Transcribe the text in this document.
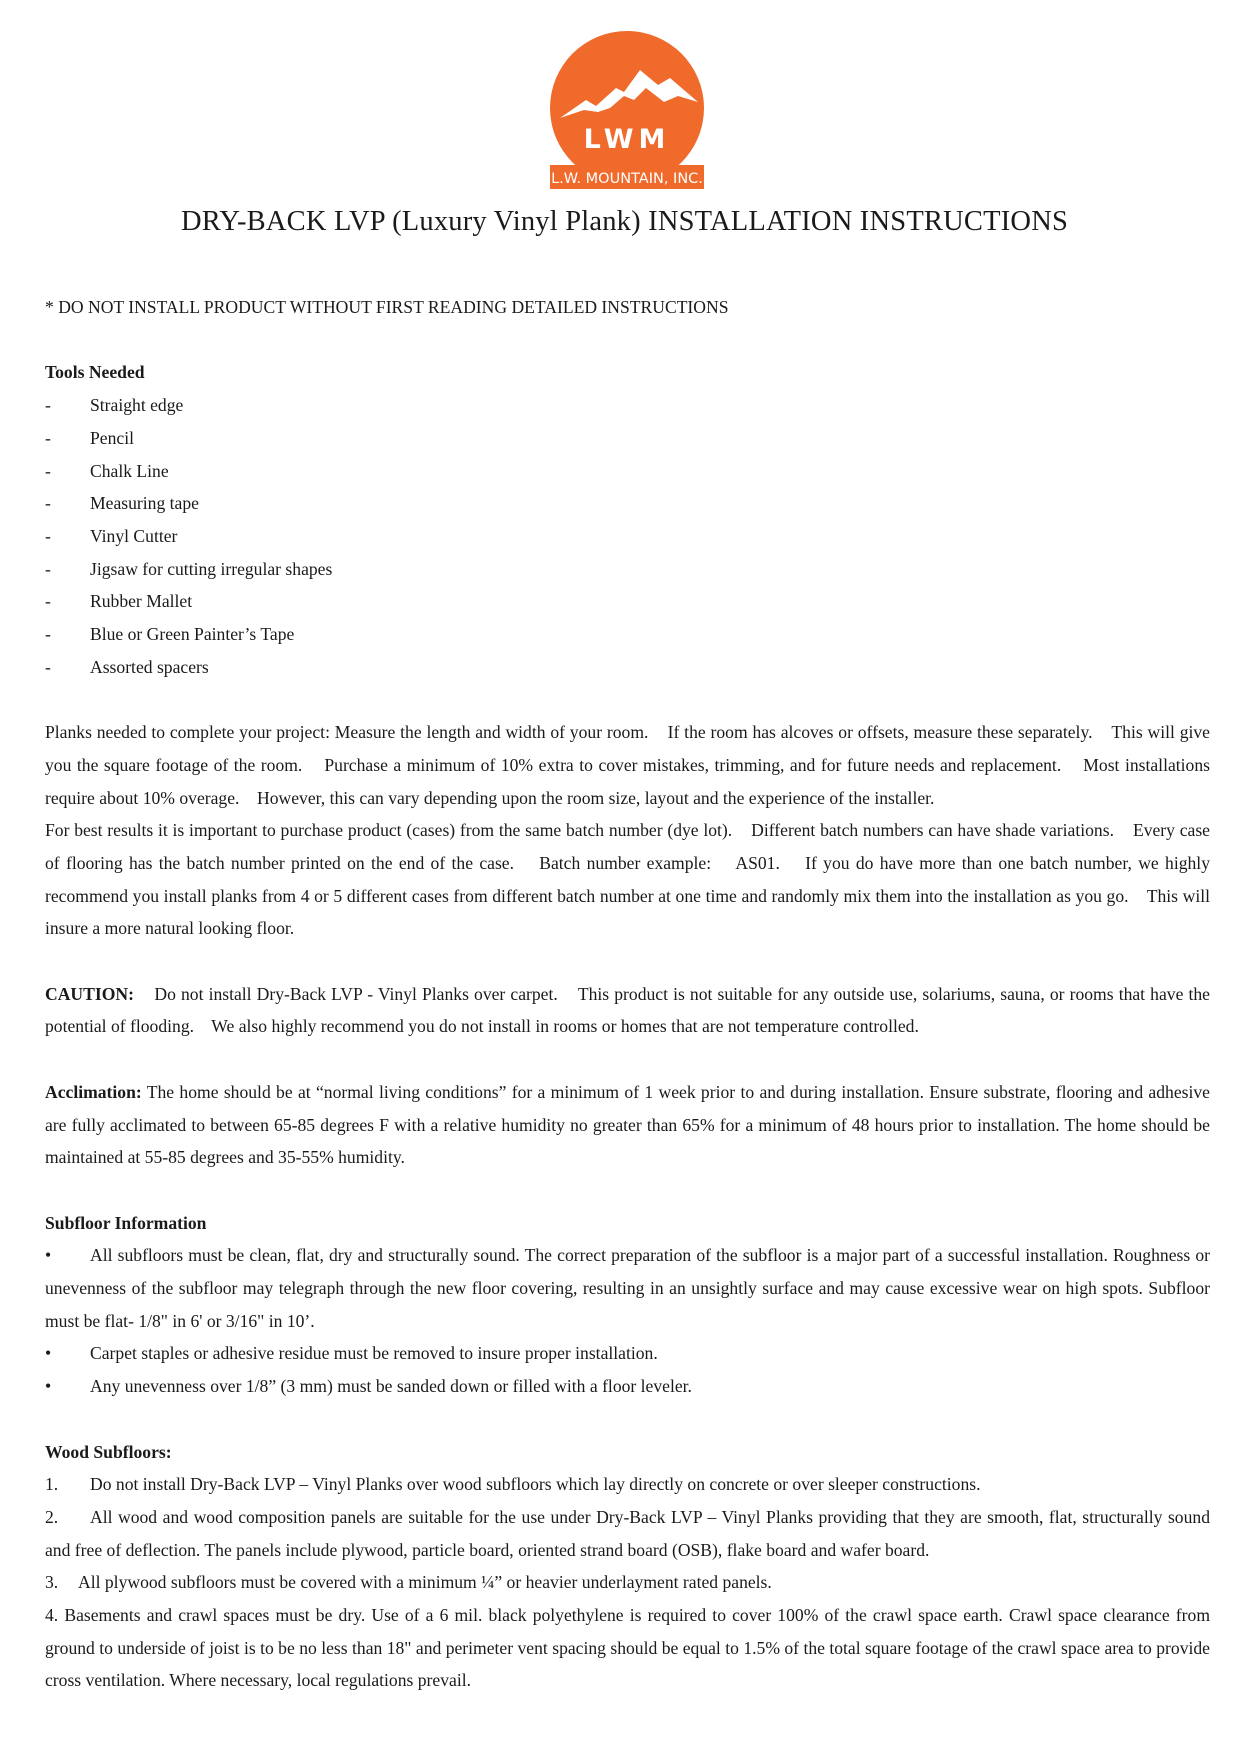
LWM
L.W. MOUNTAIN, INC.
DRY-BACK LVP (Luxury Vinyl Plank) INSTALLATION INSTRUCTIONS

* DO NOT INSTALL PRODUCT WITHOUT FIRST READING DETAILED INSTRUCTIONS

Tools Needed

- Straight edge
- Pencil
- Chalk Line
- Measuring tape
- Vinyl Cutter
- Jigsaw for cutting irregular shapes
- Rubber Mallet
- Blue or Green Painter’s Tape
- Assorted spacers

Planks needed to complete your project: Measure the length and width of your room.    If the room has alcoves or offsets, measure these separately.    This will give you the square footage of the room.    Purchase a minimum of 10% extra to cover mistakes, trimming, and for future needs and replacement.    Most installations require about 10% overage.    However, this can vary depending upon the room size, layout and the experience of the installer.

For best results it is important to purchase product (cases) from the same batch number (dye lot).    Different batch numbers can have shade variations.    Every case of flooring has the batch number printed on the end of the case.    Batch number example:    AS01.    If you do have more than one batch number, we highly recommend you install planks from 4 or 5 different cases from different batch number at one time and randomly mix them into the installation as you go.    This will insure a more natural looking floor.

CAUTION: Do not install Dry-Back LVP - Vinyl Planks over carpet.    This product is not suitable for any outside use, solariums, sauna, or rooms that have the potential of flooding.    We also highly recommend you do not install in rooms or homes that are not temperature controlled.

Acclimation: The home should be at “normal living conditions” for a minimum of 1 week prior to and during installation. Ensure substrate, flooring and adhesive are fully acclimated to between 65-85 degrees F with a relative humidity no greater than 65% for a minimum of 48 hours prior to installation. The home should be maintained at 55-85 degrees and 35-55% humidity.

Subfloor Information

• All subfloors must be clean, flat, dry and structurally sound. The correct preparation of the subfloor is a major part of a successful installation. Roughness or unevenness of the subfloor may telegraph through the new floor covering, resulting in an unsightly surface and may cause excessive wear on high spots. Subfloor must be flat- 1/8" in 6' or 3/16" in 10’.
• Carpet staples or adhesive residue must be removed to insure proper installation.
• Any unevenness over 1/8” (3 mm) must be sanded down or filled with a floor leveler.

Wood Subfloors:

1. Do not install Dry-Back LVP – Vinyl Planks over wood subfloors which lay directly on concrete or over sleeper constructions.
2. All wood and wood composition panels are suitable for the use under Dry-Back LVP – Vinyl Planks providing that they are smooth, flat, structurally sound and free of deflection. The panels include plywood, particle board, oriented strand board (OSB), flake board and wafer board.
3. All plywood subfloors must be covered with a minimum ¼” or heavier underlayment rated panels.
4. Basements and crawl spaces must be dry. Use of a 6 mil. black polyethylene is required to cover 100% of the crawl space earth. Crawl space clearance from ground to underside of joist is to be no less than 18" and perimeter vent spacing should be equal to 1.5% of the total square footage of the crawl space area to provide cross ventilation. Where necessary, local regulations prevail.
